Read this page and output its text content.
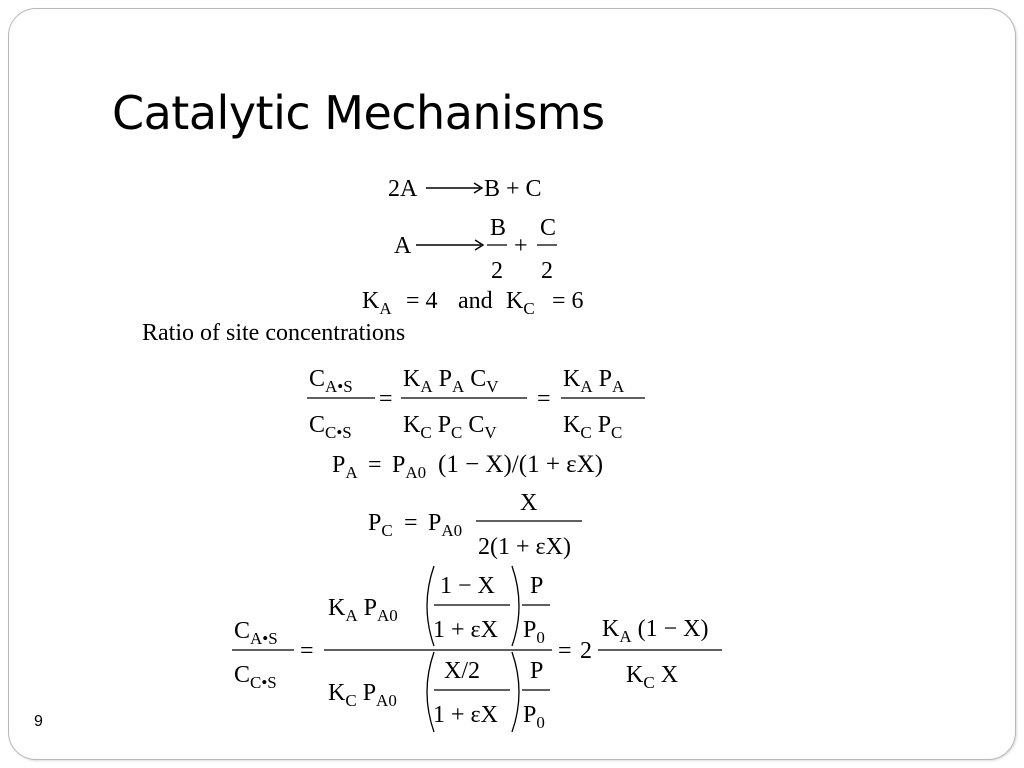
Catalytic Mechanisms
2A	B + C
A
B
2
+
C
2
$K_A = 4$ and $K_C = 6$
Ratio of site concentrations
$C_{A•S}$
$C_{C•S}$
=
$K_A$ $P_A$ $C_V$
$K_C$ $P_C$ $C_V$
=
$K_A$ $P_A$
$K_C$ $P_C$
$P_A = P_{A0}$ (1 − X)/(1 + εX)
$P_C = P_{A0}$
X
2(1 + εX)
$C_{A•S}$
$C_{C•S}$
=
$K_A$ $P_{A0}$
1 − X
1 + εX
P
$P_0$
$K_C$ $P_{A0}$
X/2
1 + εX
P
$P_0$
= 2
$K_A$ (1 − X)
$K_C$ X
9
